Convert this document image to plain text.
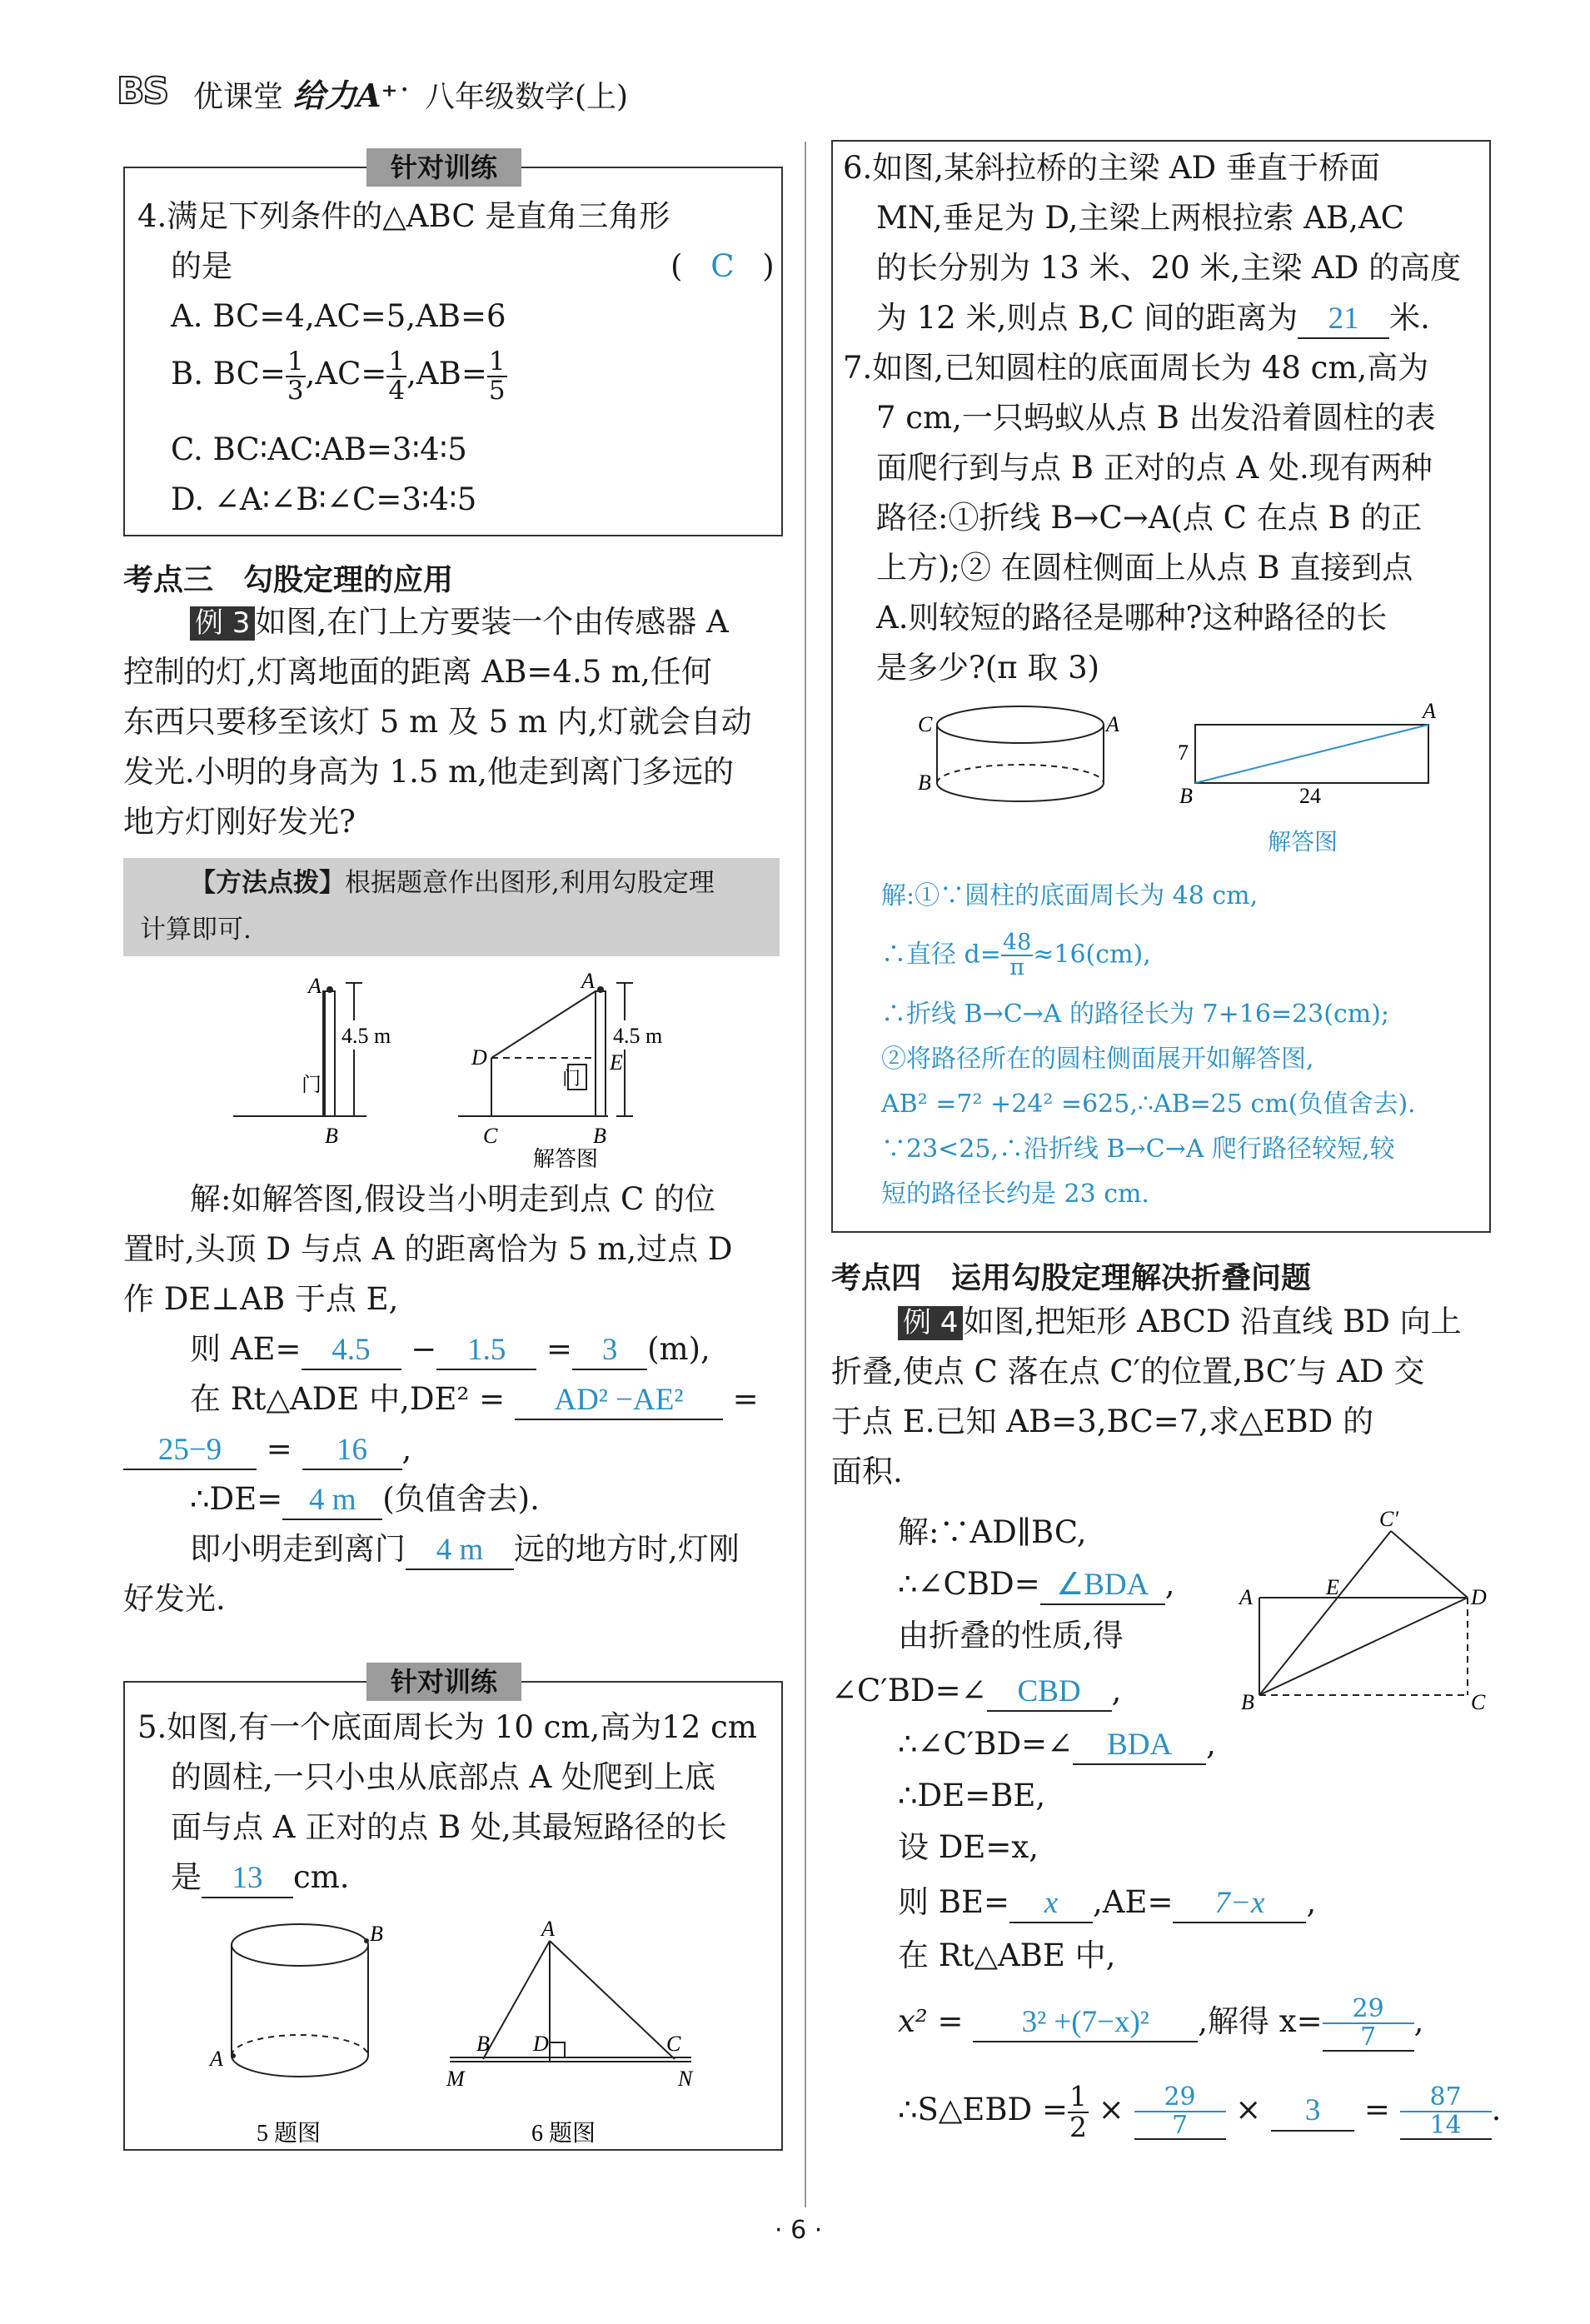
BS 优课堂 给力A⁺ · 八年级数学(上)
针对训练
4.满足下列条件的△ABC 是直角三角形
的是	( C )
A. BC=4,AC=5,AB=6
B. $BC= \frac{1}{3} ,AC= \frac{1}{4} ,AB= \frac{1}{5}$
C. BC∶AC∶AB=3∶4∶5
D. ∠A∶∠B∶∠C=3∶4∶5
考点三　勾股定理的应用
例 3 如图,在门上方要装一个由传感器 A
控制的灯,灯离地面的距离 AB=4.5 m,任何
东西只要移至该灯 5 m 及 5 m 内,灯就会自动
发光.小明的身高为 1.5 m,他走到离门多远的
地方灯刚好发光?
【方法点拨】根据题意作出图形,利用勾股定理
计算即可.
A
B
4.5 m
门
A
D	E
C	B
4.5 m
门
解答图
解:如解答图,假设当小明走到点 C 的位
置时,头顶 D 与点 A 的距离恰为 5 m,过点 D
作 DE⊥AB 于点 E,
则 AE= 4.5 − 1.5 = 3 (m),
在 Rt△ADE 中,DE² = AD² −AE² =
25−9 = 16 ,
∴DE= 4 m (负值舍去).
即小明走到离门 4 m 远的地方时,灯刚
好发光.
针对训练
5.如图,有一个底面周长为 10 cm,高为12 cm
的圆柱,一只小虫从底部点 A 处爬到上底
面与点 A 正对的点 B 处,其最短路径的长
是 13 cm.
B
A
5 题图
A
B D	C
M	N
6 题图
6.如图,某斜拉桥的主梁 AD 垂直于桥面
MN,垂足为 D,主梁上两根拉索 AB,AC
的长分别为 13 米、20 米,主梁 AD 的高度
为 12 米,则点 B,C 间的距离为 21 米.
7.如图,已知圆柱的底面周长为 48 cm,高为
7 cm,一只蚂蚁从点 B 出发沿着圆柱的表
面爬行到与点 B 正对的点 A 处.现有两种
路径:①折线 B→C→A(点 C 在点 B 的正
上方);② 在圆柱侧面上从点 B 直接到点
A.则较短的路径是哪种?这种路径的长
是多少?(π 取 3)
C	A
B
A
B
7
24
解答图
解:①∵圆柱的底面周长为 48 cm,
∴直径 $d= \frac{48}{\pi} \approx 16(cm)$,
∴折线 B→C→A 的路径长为 7+16=23(cm);
②将路径所在的圆柱侧面展开如解答图,
AB² =7² +24² =625,∴AB=25 cm(负值舍去).
∵23<25,∴沿折线 B→C→A 爬行路径较短,较
短的路径长约是 23 cm.
考点四　运用勾股定理解决折叠问题
例 4 如图,把矩形 ABCD 沿直线 BD 向上
折叠,使点 C 落在点 C′的位置,BC′与 AD 交
于点 E.已知 AB=3,BC=7,求△EBD 的
面积.
C′
A	E	D
B	C
解:∵AD∥BC,
∴∠CBD= ∠BDA ,
由折叠的性质,得
∠C′BD=∠ CBD ,
∴∠C′BD=∠ BDA ,
∴DE=BE,
设 DE=x,
则 BE= x ,AE= 7−x ,
在 Rt△ABE 中,
x² = 3² +(7−x)² ,解得 $x= \frac{29}{7}$ ,
∴S△EBD = $\frac{1}{2} \times \frac{29}{7} \times 3 = \frac{87}{14}$ .
· 6 ·
